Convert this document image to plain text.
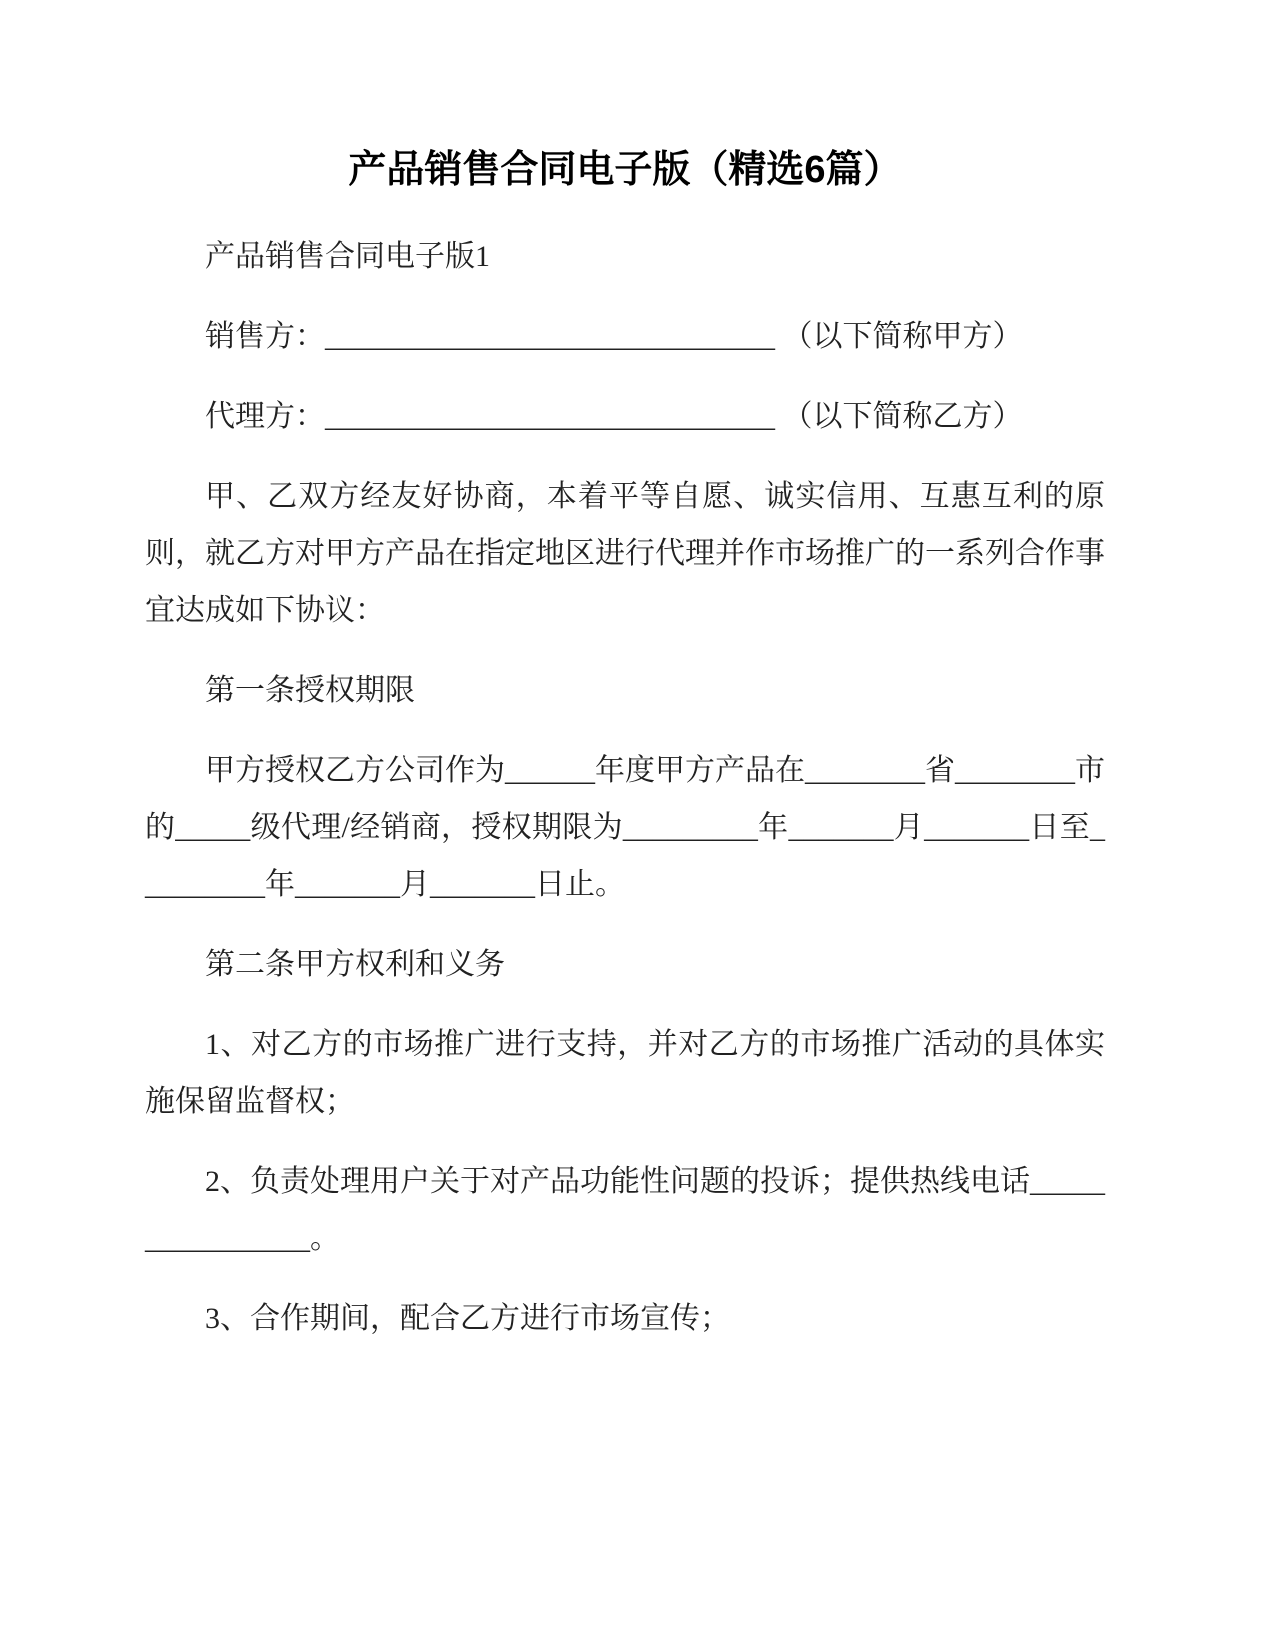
产品销售合同电子版（精选6篇）

产品销售合同电子版1

销售方：______________________________ （以下简称甲方）

代理方：______________________________ （以下简称乙方）

甲、乙双方经友好协商，本着平等自愿、诚实信用、互惠互利的原则，就乙方对甲方产品在指定地区进行代理并作市场推广的一系列合作事宜达成如下协议：

第一条授权期限

甲方授权乙方公司作为______年度甲方产品在________省________市的_____级代理/经销商，授权期限为_________年_______月_______日至_________年_______月_______日止。

第二条甲方权利和义务

1、对乙方的市场推广进行支持，并对乙方的市场推广活动的具体实施保留监督权；

2、负责处理用户关于对产品功能性问题的投诉；提供热线电话________________。

3、合作期间，配合乙方进行市场宣传；
